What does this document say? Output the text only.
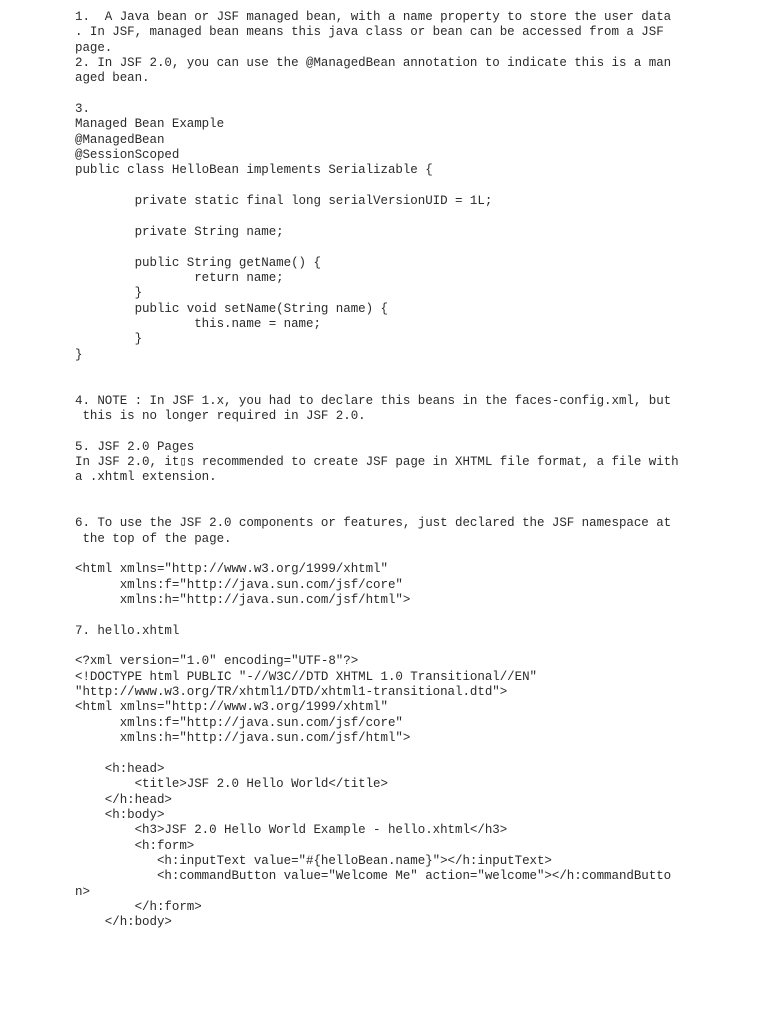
1.  A Java bean or JSF managed bean, with a name property to store the user data
. In JSF, managed bean means this java class or bean can be accessed from a JSF
page.
2. In JSF 2.0, you can use the @ManagedBean annotation to indicate this is a man
aged bean.
3.
Managed Bean Example
@ManagedBean
@SessionScoped
public class HelloBean implements Serializable {
private static final long serialVersionUID = 1L;
private String name;
public String getName() {
return name;
}
public void setName(String name) {
this.name = name;
}
}
4. NOTE : In JSF 1.x, you had to declare this beans in the faces-config.xml, but
this is no longer required in JSF 2.0.
5. JSF 2.0 Pages
In JSF 2.0, it▯s recommended to create JSF page in XHTML file format, a file with
a .xhtml extension.
6. To use the JSF 2.0 components or features, just declared the JSF namespace at
the top of the page.
<html xmlns="http://www.w3.org/1999/xhtml"
xmlns:f="http://java.sun.com/jsf/core"
xmlns:h="http://java.sun.com/jsf/html">
7. hello.xhtml
<?xml version="1.0" encoding="UTF-8"?>
<!DOCTYPE html PUBLIC "-//W3C//DTD XHTML 1.0 Transitional//EN"
"http://www.w3.org/TR/xhtml1/DTD/xhtml1-transitional.dtd">
<html xmlns="http://www.w3.org/1999/xhtml"
xmlns:f="http://java.sun.com/jsf/core"
xmlns:h="http://java.sun.com/jsf/html">
<h:head>
<title>JSF 2.0 Hello World</title>
</h:head>
<h:body>
<h3>JSF 2.0 Hello World Example - hello.xhtml</h3>
<h:form>
<h:inputText value="#{helloBean.name}"></h:inputText>
<h:commandButton value="Welcome Me" action="welcome"></h:commandButto
n>
</h:form>
</h:body>
